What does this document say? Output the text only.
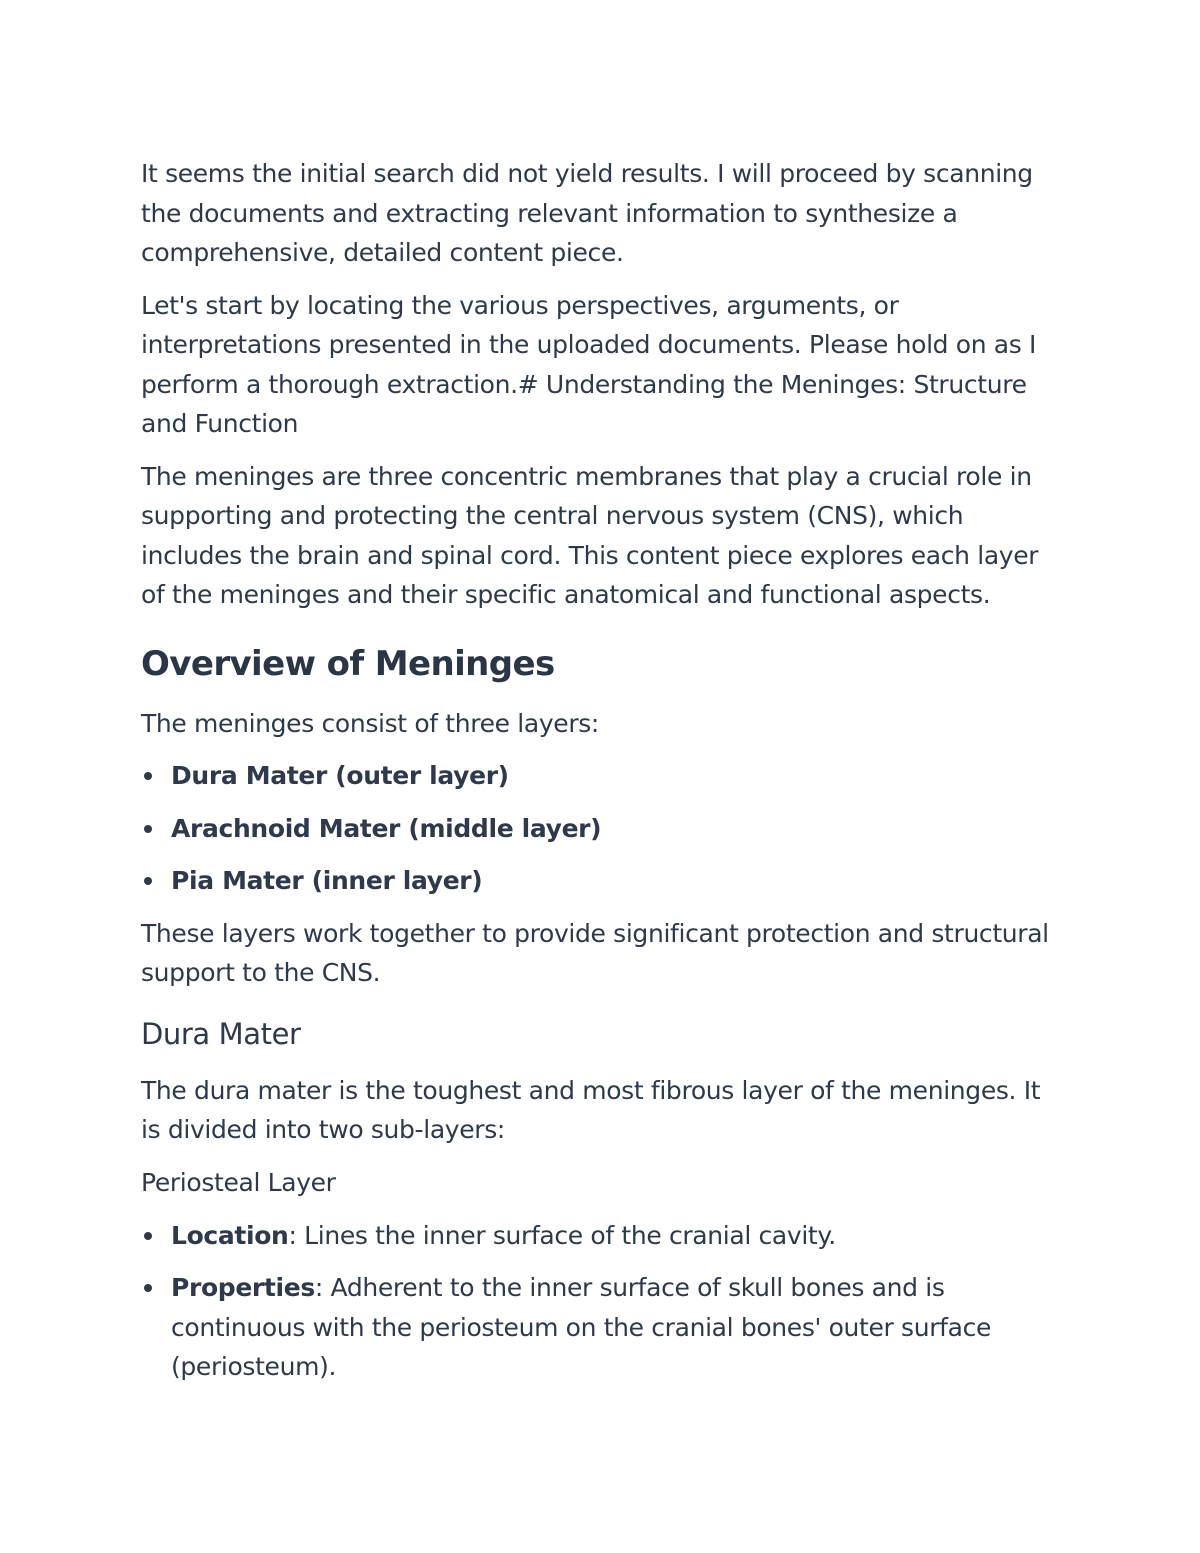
It seems the initial search did not yield results. I will proceed by scanning the documents and extracting relevant information to synthesize a comprehensive, detailed content piece.

Let's start by locating the various perspectives, arguments, or interpretations presented in the uploaded documents. Please hold on as I perform a thorough extraction.# Understanding the Meninges: Structure and Function

The meninges are three concentric membranes that play a crucial role in supporting and protecting the central nervous system (CNS), which includes the brain and spinal cord. This content piece explores each layer of the meninges and their specific anatomical and functional aspects.

Overview of Meninges

The meninges consist of three layers:

Dura Mater (outer layer)
Arachnoid Mater (middle layer)
Pia Mater (inner layer)

These layers work together to provide significant protection and structural support to the CNS.

Dura Mater

The dura mater is the toughest and most fibrous layer of the meninges. It is divided into two sub-layers:

Periosteal Layer
Location: Lines the inner surface of the cranial cavity.
Properties: Adherent to the inner surface of skull bones and is continuous with the periosteum on the cranial bones' outer surface (periosteum).
